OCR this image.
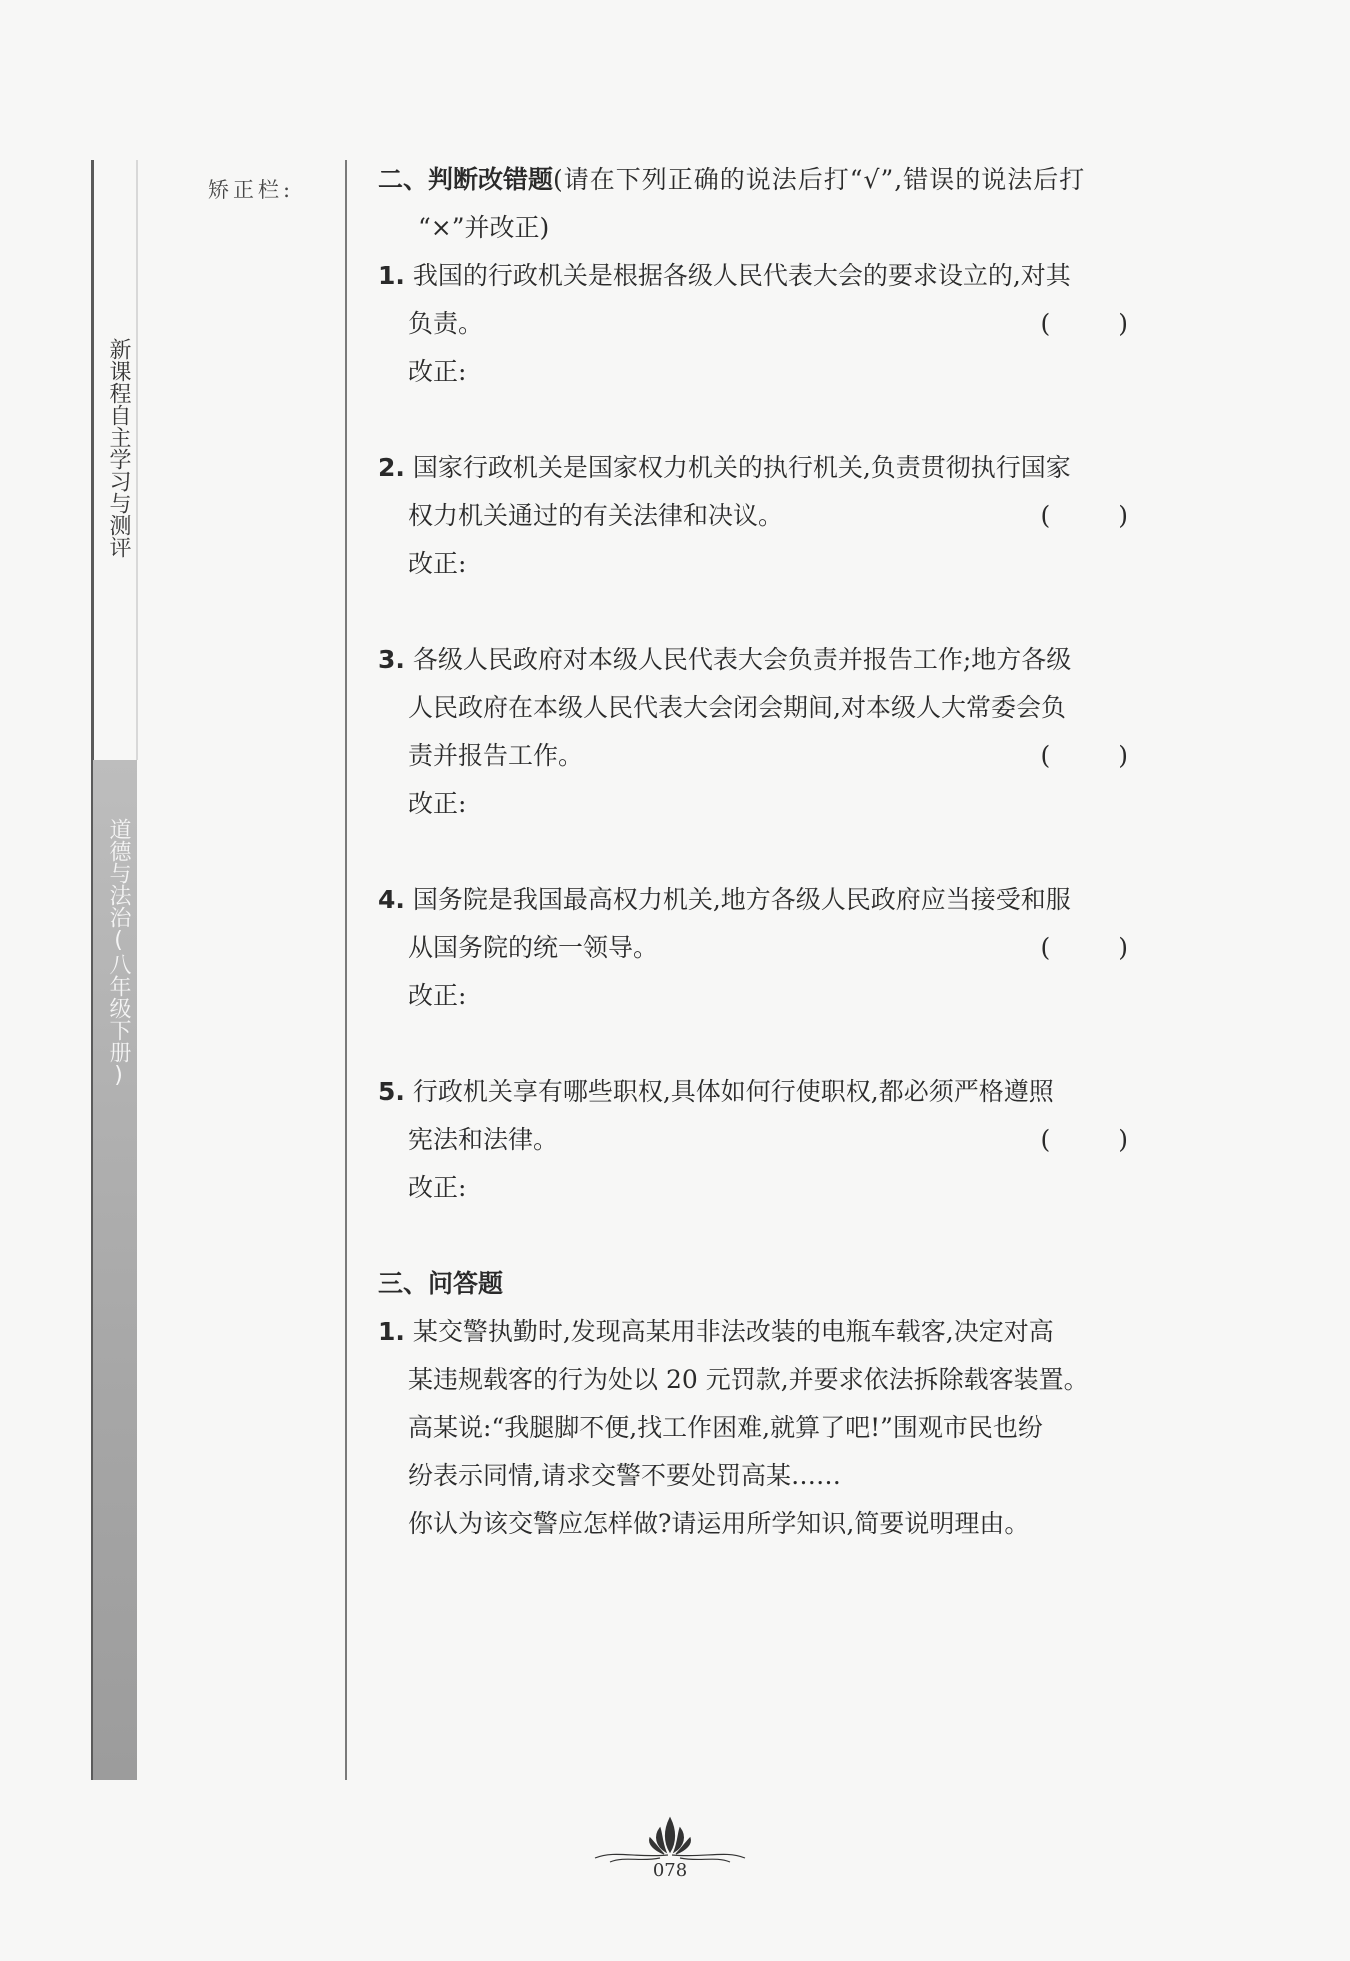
新课程自主学习与测评
道德与法治(八年级下册)
矫正栏:	二、判断改错题(请在下列正确的说法后打“√”,错误的说法后打

“×”并改正)

1. 我国的行政机关是根据各级人民代表大会的要求设立的,对其
负责。	( )

改正:

2. 国家行政机关是国家权力机关的执行机关,负责贯彻执行国家
权力机关通过的有关法律和决议。	( )

改正:

3. 各级人民政府对本级人民代表大会负责并报告工作;地方各级
人民政府在本级人民代表大会闭会期间,对本级人大常委会负
责并报告工作。	( )

改正:

4. 国务院是我国最高权力机关,地方各级人民政府应当接受和服
从国务院的统一领导。	( )

改正:

5. 行政机关享有哪些职权,具体如何行使职权,都必须严格遵照
宪法和法律。	( )

改正:

三、问答题

1. 某交警执勤时,发现高某用非法改装的电瓶车载客,决定对高
某违规载客的行为处以 20 元罚款,并要求依法拆除载客装置。
高某说:“我腿脚不便,找工作困难,就算了吧!”围观市民也纷
纷表示同情,请求交警不要处罚高某……
你认为该交警应怎样做?请运用所学知识,简要说明理由。

078
